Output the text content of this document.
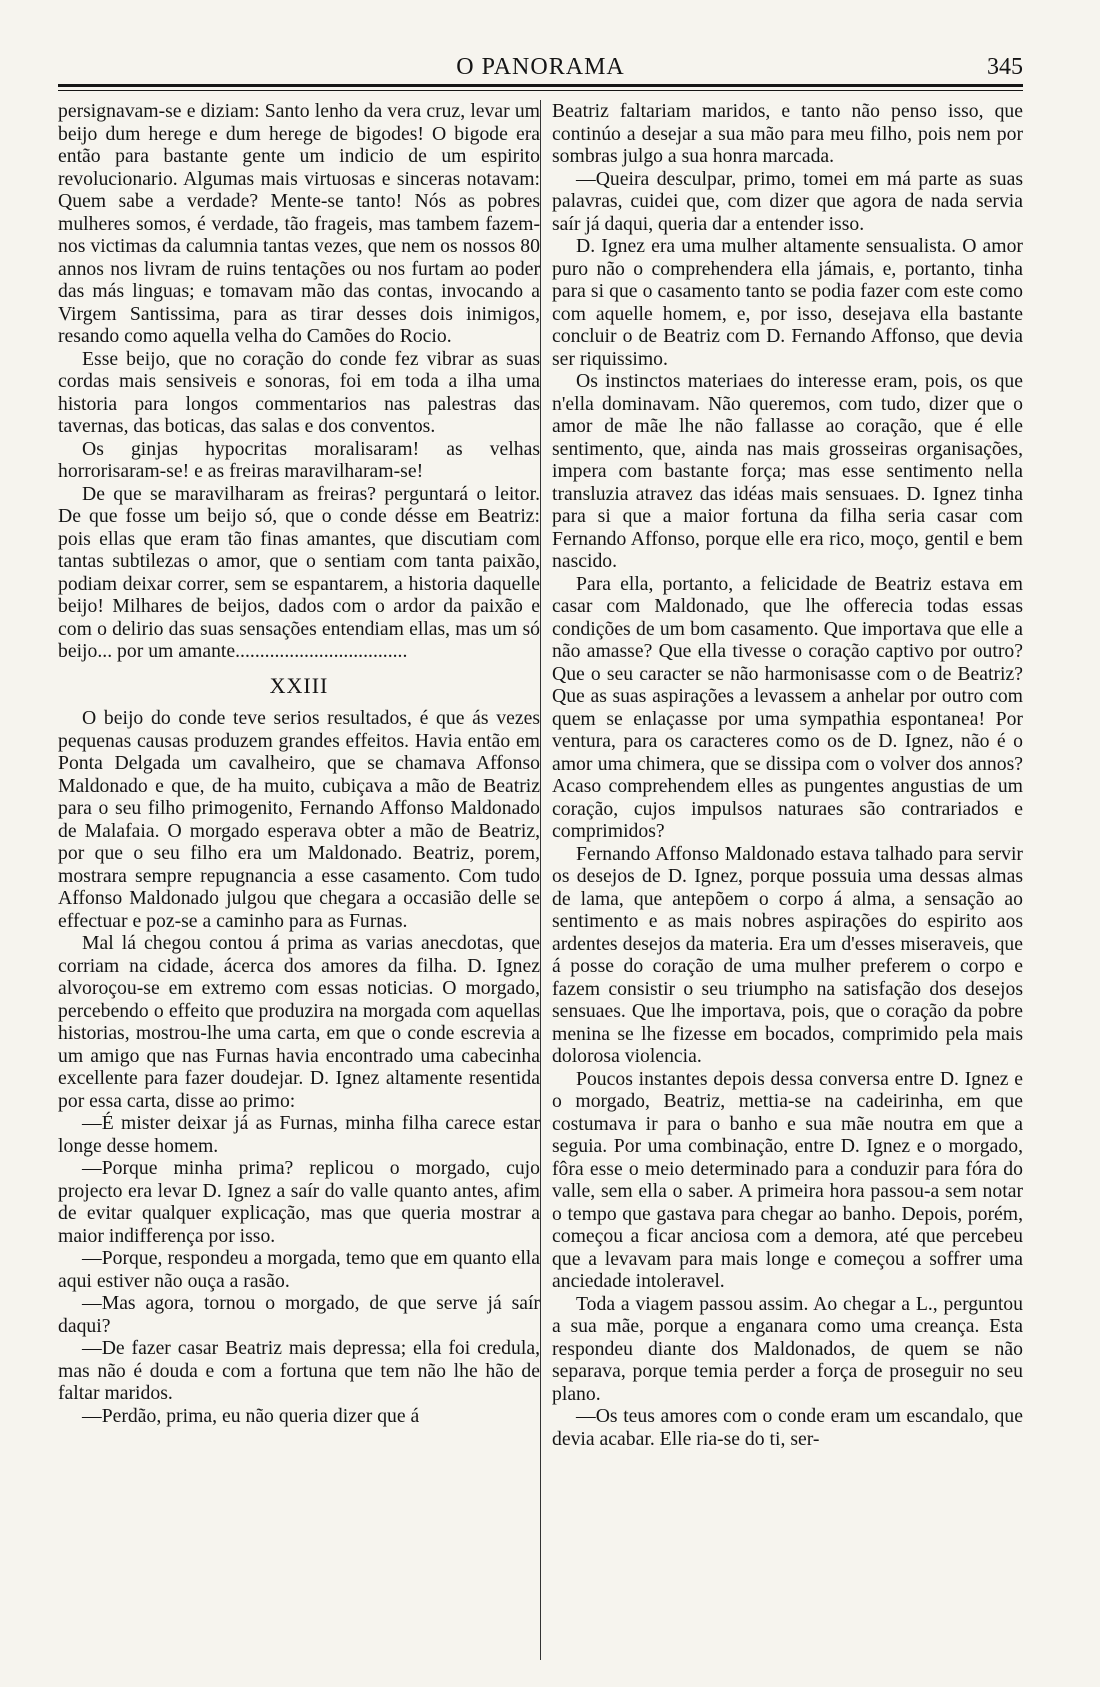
O PANORAMA	345

persignavam-se e diziam: Santo lenho da vera cruz, levar um beijo dum herege e dum herege de bigodes! O bigode era então para bastante gente um indicio de um espirito revolucionario. Algumas mais virtuosas e sinceras notavam: Quem sabe a verdade? Mente-se tanto! Nós as pobres mulheres somos, é verdade, tão frageis, mas tambem fazem-nos victimas da calumnia tantas vezes, que nem os nossos 80 annos nos livram de ruins tentações ou nos furtam ao poder das más linguas; e tomavam mão das contas, invocando a Virgem Santissima, para as tirar desses dois inimigos, resando como aquella velha do Camões do Rocio.

Esse beijo, que no coração do conde fez vibrar as suas cordas mais sensiveis e sonoras, foi em toda a ilha uma historia para longos commentarios nas palestras das tavernas, das boticas, das salas e dos conventos.

Os ginjas hypocritas moralisaram! as velhas horrorisaram-se! e as freiras maravilharam-se!

De que se maravilharam as freiras? perguntará o leitor. De que fosse um beijo só, que o conde désse em Beatriz: pois ellas que eram tão finas amantes, que discutiam com tantas subtilezas o amor, que o sentiam com tanta paixão, podiam deixar correr, sem se espantarem, a historia daquelle beijo! Milhares de beijos, dados com o ardor da paixão e com o delirio das suas sensações entendiam ellas, mas um só beijo... por um amante...................................

XXIII

O beijo do conde teve serios resultados, é que ás vezes pequenas causas produzem grandes effeitos. Havia então em Ponta Delgada um cavalheiro, que se chamava Affonso Maldonado e que, de ha muito, cubiçava a mão de Beatriz para o seu filho primogenito, Fernando Affonso Maldonado de Malafaia. O morgado esperava obter a mão de Beatriz, por que o seu filho era um Maldonado. Beatriz, porem, mostrara sempre repugnancia a esse casamento. Com tudo Affonso Maldonado julgou que chegara a occasião delle se effectuar e poz-se a caminho para as Furnas.

Mal lá chegou contou á prima as varias anecdotas, que corriam na cidade, ácerca dos amores da filha. D. Ignez alvoroçou-se em extremo com essas noticias. O morgado, percebendo o effeito que produzira na morgada com aquellas historias, mostrou-lhe uma carta, em que o conde escrevia a um amigo que nas Furnas havia encontrado uma cabecinha excellente para fazer doudejar. D. Ignez altamente resentida por essa carta, disse ao primo:

—É mister deixar já as Furnas, minha filha carece estar longe desse homem.

—Porque minha prima? replicou o morgado, cujo projecto era levar D. Ignez a saír do valle quanto antes, afim de evitar qualquer explicação, mas que queria mostrar a maior indifferença por isso.

—Porque, respondeu a morgada, temo que em quanto ella aqui estiver não ouça a rasão.

—Mas agora, tornou o morgado, de que serve já saír daqui?

—De fazer casar Beatriz mais depressa; ella foi credula, mas não é douda e com a fortuna que tem não lhe hão de faltar maridos.

—Perdão, prima, eu não queria dizer que á

Beatriz faltariam maridos, e tanto não penso isso, que continúo a desejar a sua mão para meu filho, pois nem por sombras julgo a sua honra marcada.

—Queira desculpar, primo, tomei em má parte as suas palavras, cuidei que, com dizer que agora de nada servia saír já daqui, queria dar a entender isso.

D. Ignez era uma mulher altamente sensualista. O amor puro não o comprehendera ella jámais, e, portanto, tinha para si que o casamento tanto se podia fazer com este como com aquelle homem, e, por isso, desejava ella bastante concluir o de Beatriz com D. Fernando Affonso, que devia ser riquissimo.

Os instinctos materiaes do interesse eram, pois, os que n'ella dominavam. Não queremos, com tudo, dizer que o amor de mãe lhe não fallasse ao coração, que é elle sentimento, que, ainda nas mais grosseiras organisações, impera com bastante força; mas esse sentimento nella transluzia atravez das idéas mais sensuaes. D. Ignez tinha para si que a maior fortuna da filha seria casar com Fernando Affonso, porque elle era rico, moço, gentil e bem nascido.

Para ella, portanto, a felicidade de Beatriz estava em casar com Maldonado, que lhe offerecia todas essas condições de um bom casamento. Que importava que elle a não amasse? Que ella tivesse o coração captivo por outro? Que o seu caracter se não harmonisasse com o de Beatriz? Que as suas aspirações a levassem a anhelar por outro com quem se enlaçasse por uma sympathia espontanea! Por ventura, para os caracteres como os de D. Ignez, não é o amor uma chimera, que se dissipa com o volver dos annos? Acaso comprehendem elles as pungentes angustias de um coração, cujos impulsos naturaes são contrariados e comprimidos?

Fernando Affonso Maldonado estava talhado para servir os desejos de D. Ignez, porque possuia uma dessas almas de lama, que antepõem o corpo á alma, a sensação ao sentimento e as mais nobres aspirações do espirito aos ardentes desejos da materia. Era um d'esses miseraveis, que á posse do coração de uma mulher preferem o corpo e fazem consistir o seu triumpho na satisfação dos desejos sensuaes. Que lhe importava, pois, que o coração da pobre menina se lhe fizesse em bocados, comprimido pela mais dolorosa violencia.

Poucos instantes depois dessa conversa entre D. Ignez e o morgado, Beatriz, mettia-se na cadeirinha, em que costumava ir para o banho e sua mãe noutra em que a seguia. Por uma combinação, entre D. Ignez e o morgado, fôra esse o meio determinado para a conduzir para fóra do valle, sem ella o saber. A primeira hora passou-a sem notar o tempo que gastava para chegar ao banho. Depois, porém, começou a ficar anciosa com a demora, até que percebeu que a levavam para mais longe e começou a soffrer uma anciedade intoleravel.

Toda a viagem passou assim. Ao chegar a L., perguntou a sua mãe, porque a enganara como uma creança. Esta respondeu diante dos Maldonados, de quem se não separava, porque temia perder a força de proseguir no seu plano.

—Os teus amores com o conde eram um escandalo, que devia acabar. Elle ria-se do ti, ser-
